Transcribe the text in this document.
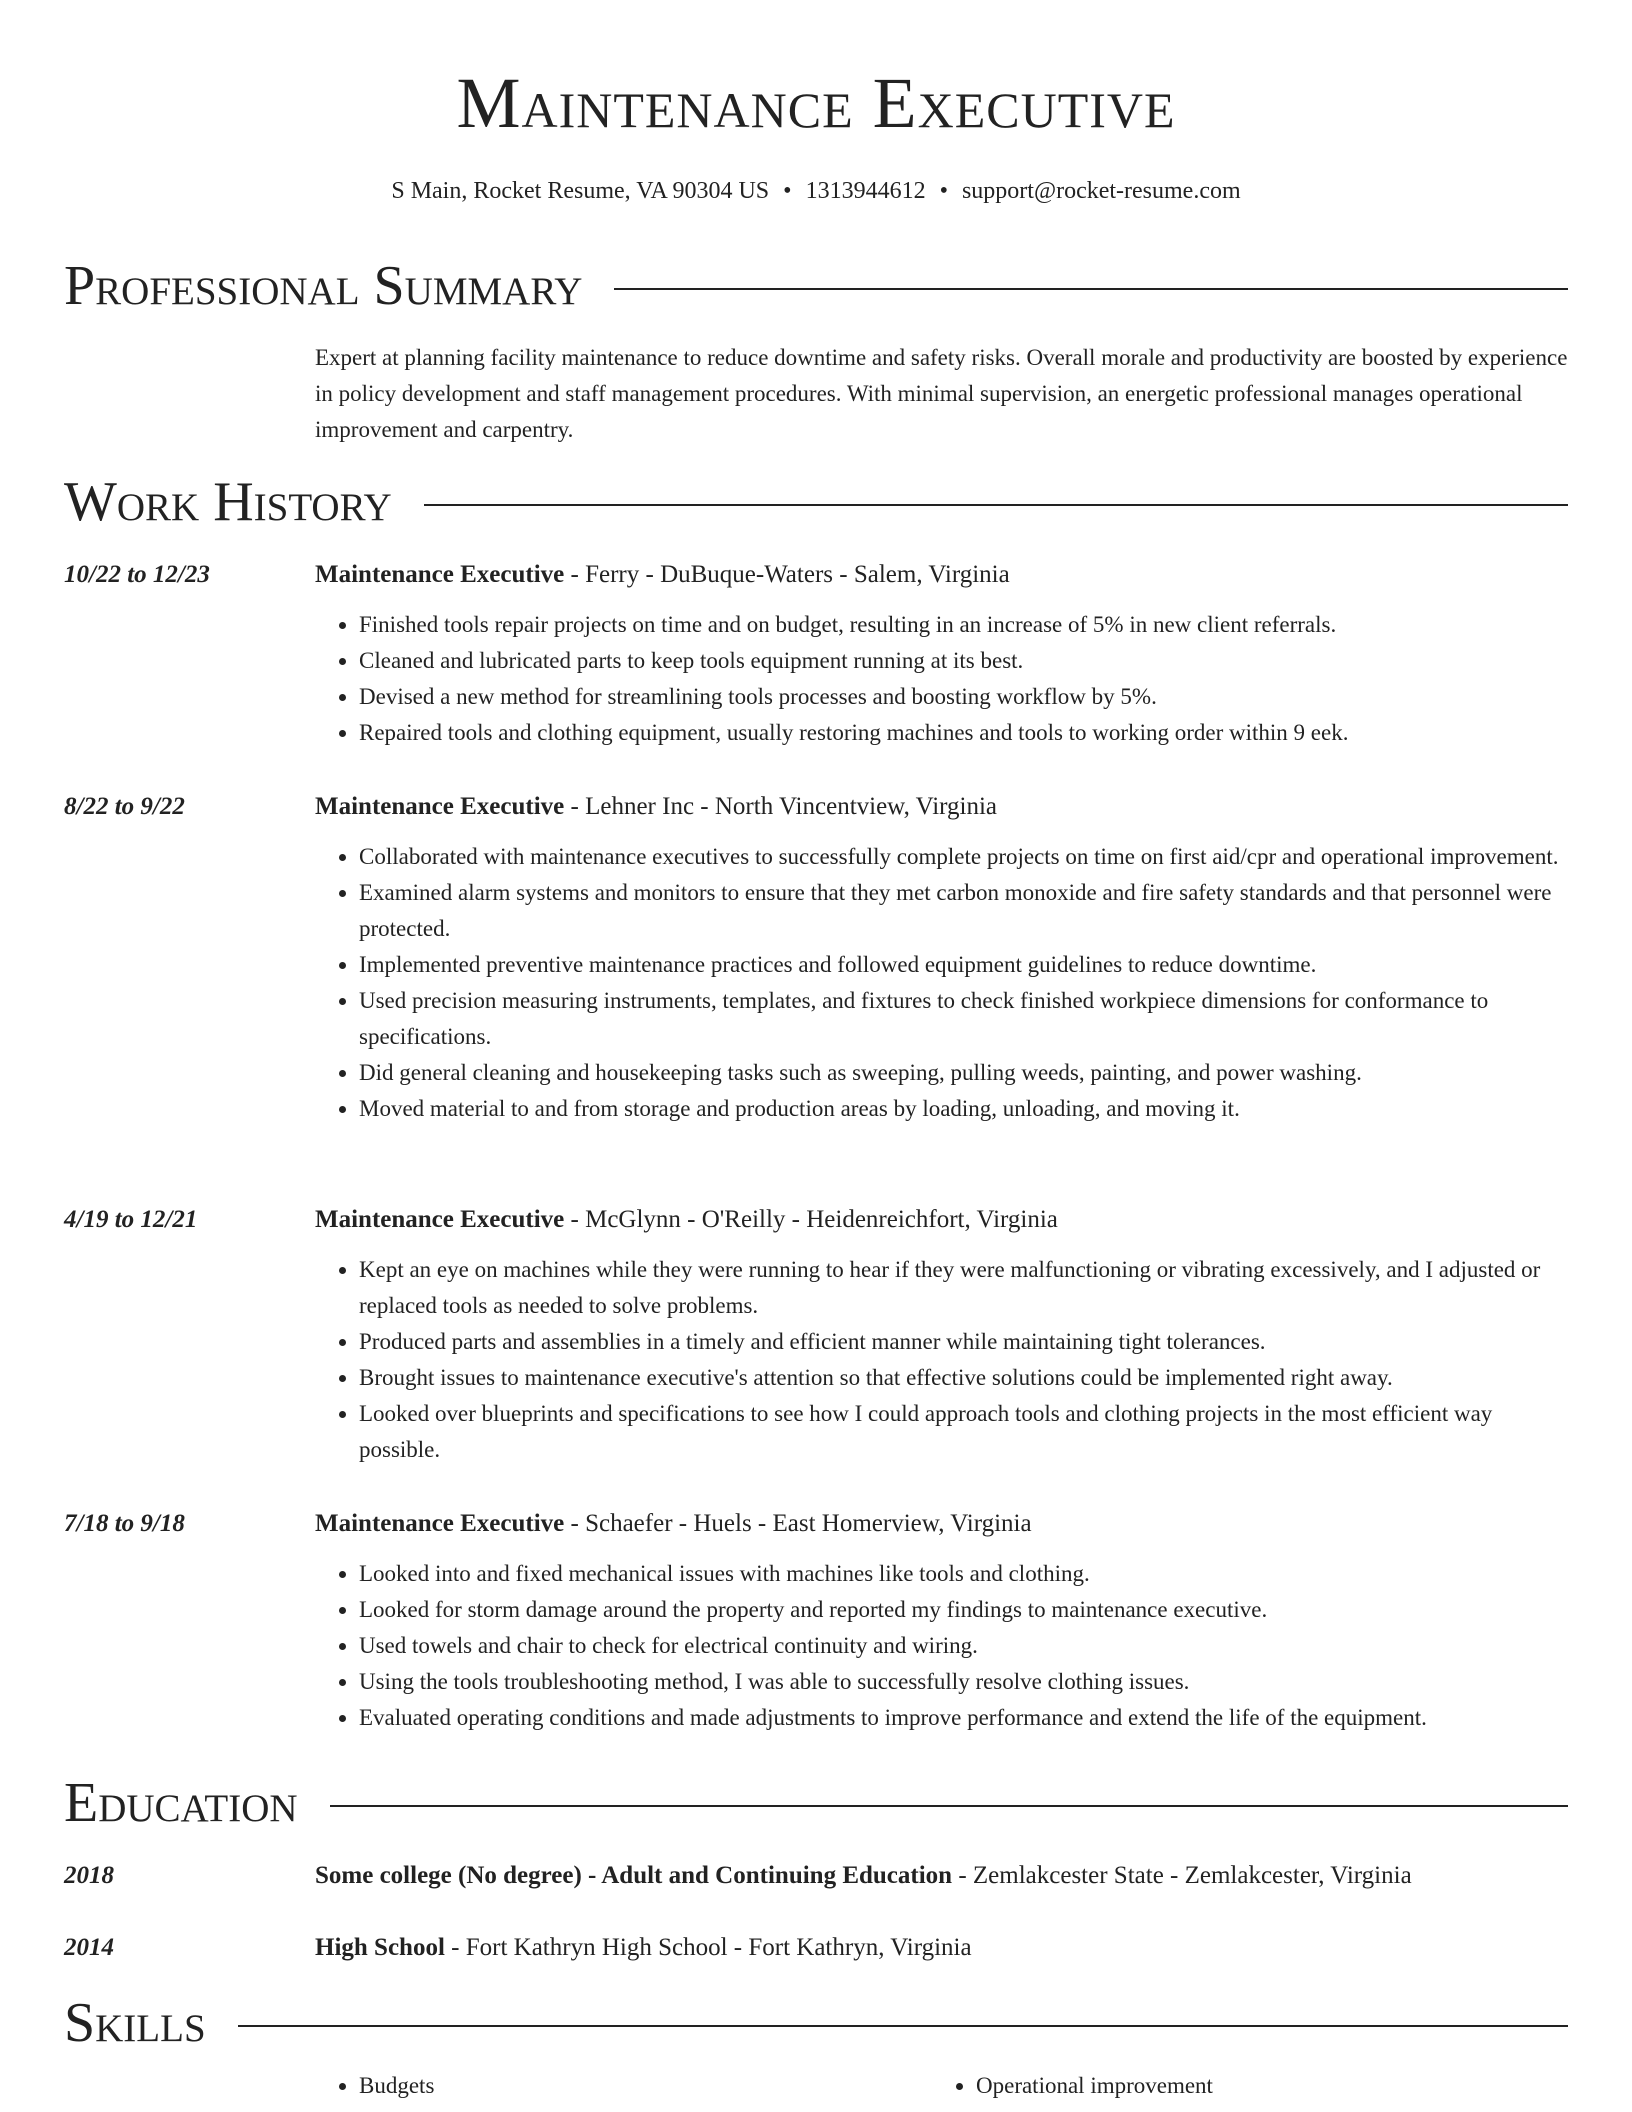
Maintenance Executive
S Main, Rocket Resume, VA 90304 US • 1313944612 • support@rocket-resume.com
Professional Summary

Expert at planning facility maintenance to reduce downtime and safety risks. Overall morale and productivity are boosted by experience in policy development and staff management procedures. With minimal supervision, an energetic professional manages operational improvement and carpentry.

Work History
10/22 to 12/23	Maintenance Executive - Ferry - DuBuque-Waters - Salem, Virginia
• Finished tools repair projects on time and on budget, resulting in an increase of 5% in new client referrals.
• Cleaned and lubricated parts to keep tools equipment running at its best.
• Devised a new method for streamlining tools processes and boosting workflow by 5%.
• Repaired tools and clothing equipment, usually restoring machines and tools to working order within 9 eek.
8/22 to 9/22	Maintenance Executive - Lehner Inc - North Vincentview, Virginia
• Collaborated with maintenance executives to successfully complete projects on time on first aid/cpr and operational improvement.
• Examined alarm systems and monitors to ensure that they met carbon monoxide and fire safety standards and that personnel were protected.
• Implemented preventive maintenance practices and followed equipment guidelines to reduce downtime.
• Used precision measuring instruments, templates, and fixtures to check finished workpiece dimensions for conformance to specifications.
• Did general cleaning and housekeeping tasks such as sweeping, pulling weeds, painting, and power washing.
• Moved material to and from storage and production areas by loading, unloading, and moving it.
4/19 to 12/21	Maintenance Executive - McGlynn - O'Reilly - Heidenreichfort, Virginia
• Kept an eye on machines while they were running to hear if they were malfunctioning or vibrating excessively, and I adjusted or replaced tools as needed to solve problems.
• Produced parts and assemblies in a timely and efficient manner while maintaining tight tolerances.
• Brought issues to maintenance executive's attention so that effective solutions could be implemented right away.
• Looked over blueprints and specifications to see how I could approach tools and clothing projects in the most efficient way possible.
7/18 to 9/18	Maintenance Executive - Schaefer - Huels - East Homerview, Virginia
• Looked into and fixed mechanical issues with machines like tools and clothing.
• Looked for storm damage around the property and reported my findings to maintenance executive.
• Used towels and chair to check for electrical continuity and wiring.
• Using the tools troubleshooting method, I was able to successfully resolve clothing issues.
• Evaluated operating conditions and made adjustments to improve performance and extend the life of the equipment.
Education
2018	Some college (No degree) - Adult and Continuing Education - Zemlakcester State - Zemlakcester, Virginia
2014	High School - Fort Kathryn High School - Fort Kathryn, Virginia
Skills
• Budgets
•	Operational improvement
